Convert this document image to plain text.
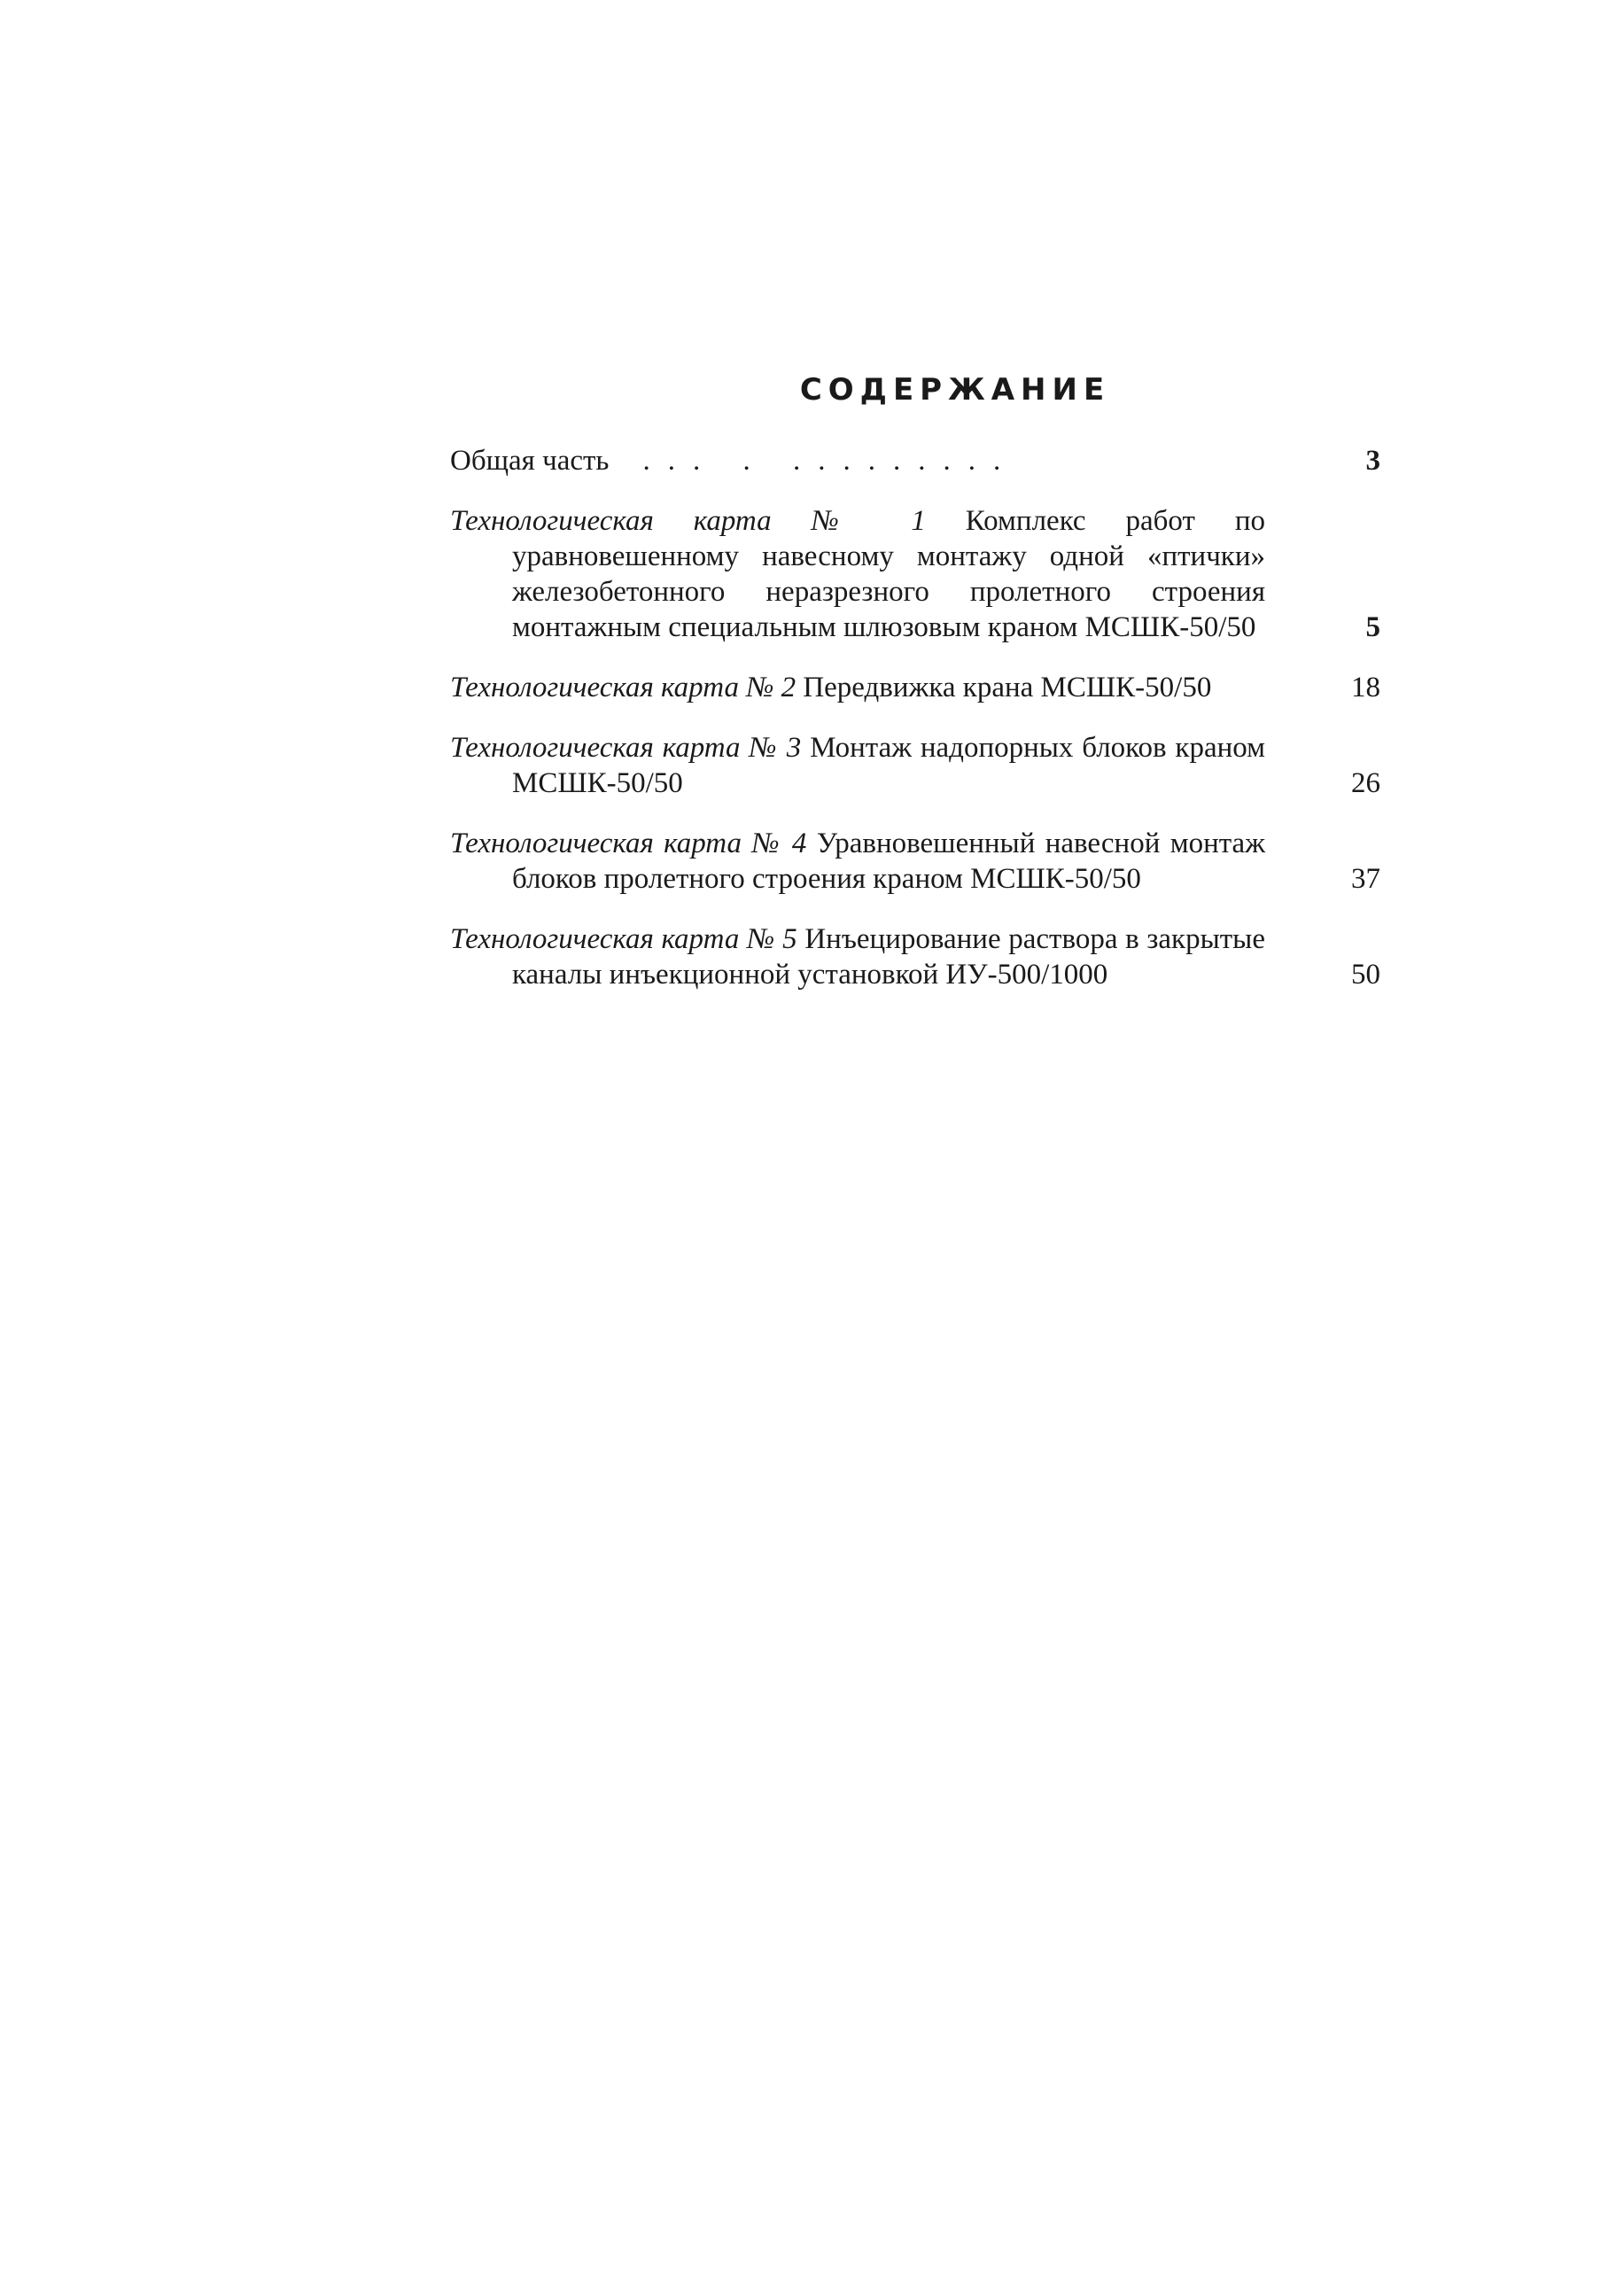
СОДЕРЖАНИЕ
Общая часть	... . .........	3
Технологическая карта № 1 Комплекс работ по уравновешенному навесному монтажу одной «птички» железобетонного неразрезного пролетного строения монтажным специальным шлюзовым краном МСШК-50/50	5
Технологическая карта № 2 Передвижка крана МСШК-50/50	18
Технологическая карта № 3 Монтаж надопорных блоков краном МСШК-50/50	26
Технологическая карта № 4 Уравновешенный навесной монтаж блоков пролетного строения краном МСШК-50/50	37
Технологическая карта № 5 Инъецирование раствора в закрытые каналы инъекционной установкой ИУ-500/1000	50
